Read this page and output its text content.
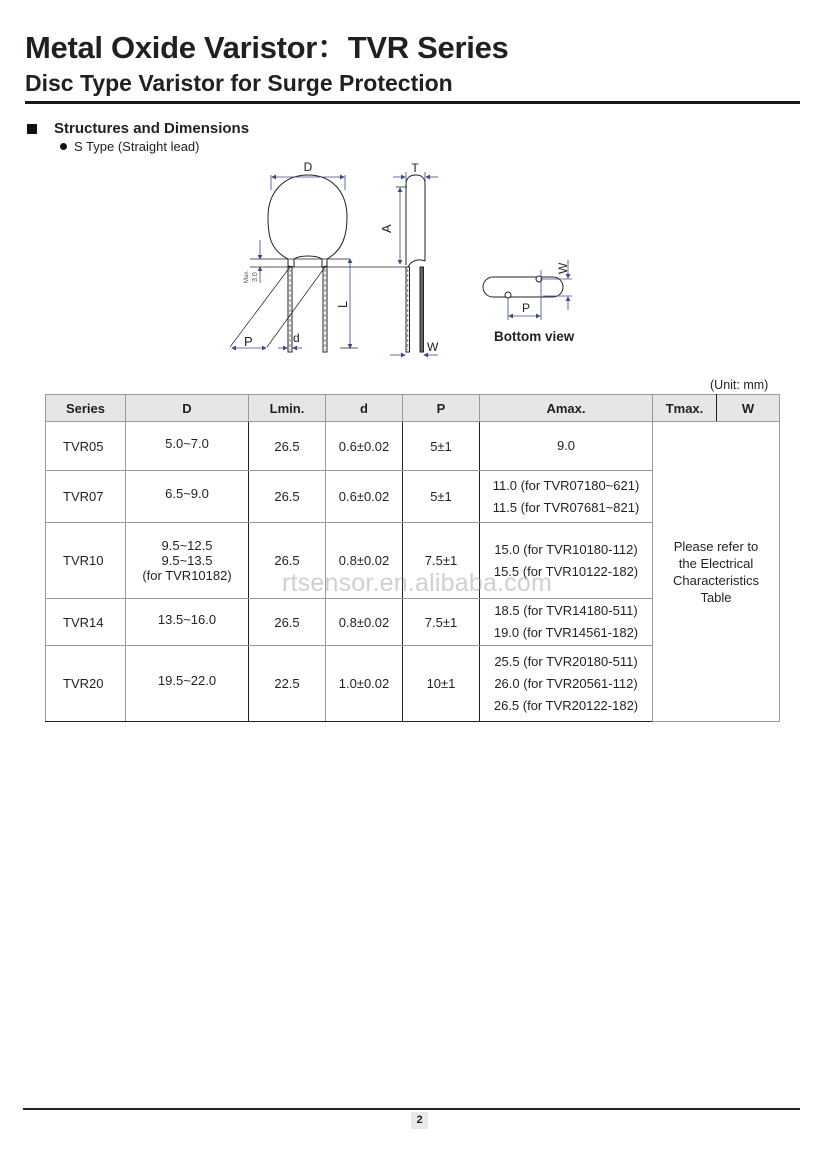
Metal Oxide Varistor：TVR Series
Disc Type Varistor for Surge Protection
Structures and Dimensions
S Type (Straight lead)
D
P	d
L
Max. 3.0
T
A
W
P
W
Bottom view
(Unit: mm)
Series	D	Lmin.	d	P	Amax.	Tmax.	W
TVR05	5.0~7.0	26.5	0.6±0.02	5±1	9.0	Please refer to
the Electrical
Characteristics
Table	

TVR07	6.5~9.0	26.5	0.6±0.02	5±1	11.0 (for TVR07180~621)
11.5 (for TVR07681~821)		

TVR10	9.5~12.5
9.5~13.5
(for TVR10182)	26.5	0.8±0.02	7.5±1	15.0 (for TVR10180-112)
15.5 (for TVR10122-182)		

TVR14	13.5~16.0	26.5	0.8±0.02	7.5±1	18.5 (for TVR14180-511)
19.0 (for TVR14561-182)		

TVR20	19.5~22.0	22.5	1.0±0.02	10±1	25.5 (for TVR20180-511)
26.0 (for TVR20561-112)
26.5 (for TVR20122-182)		
rtsensor.en.alibaba.com
2
